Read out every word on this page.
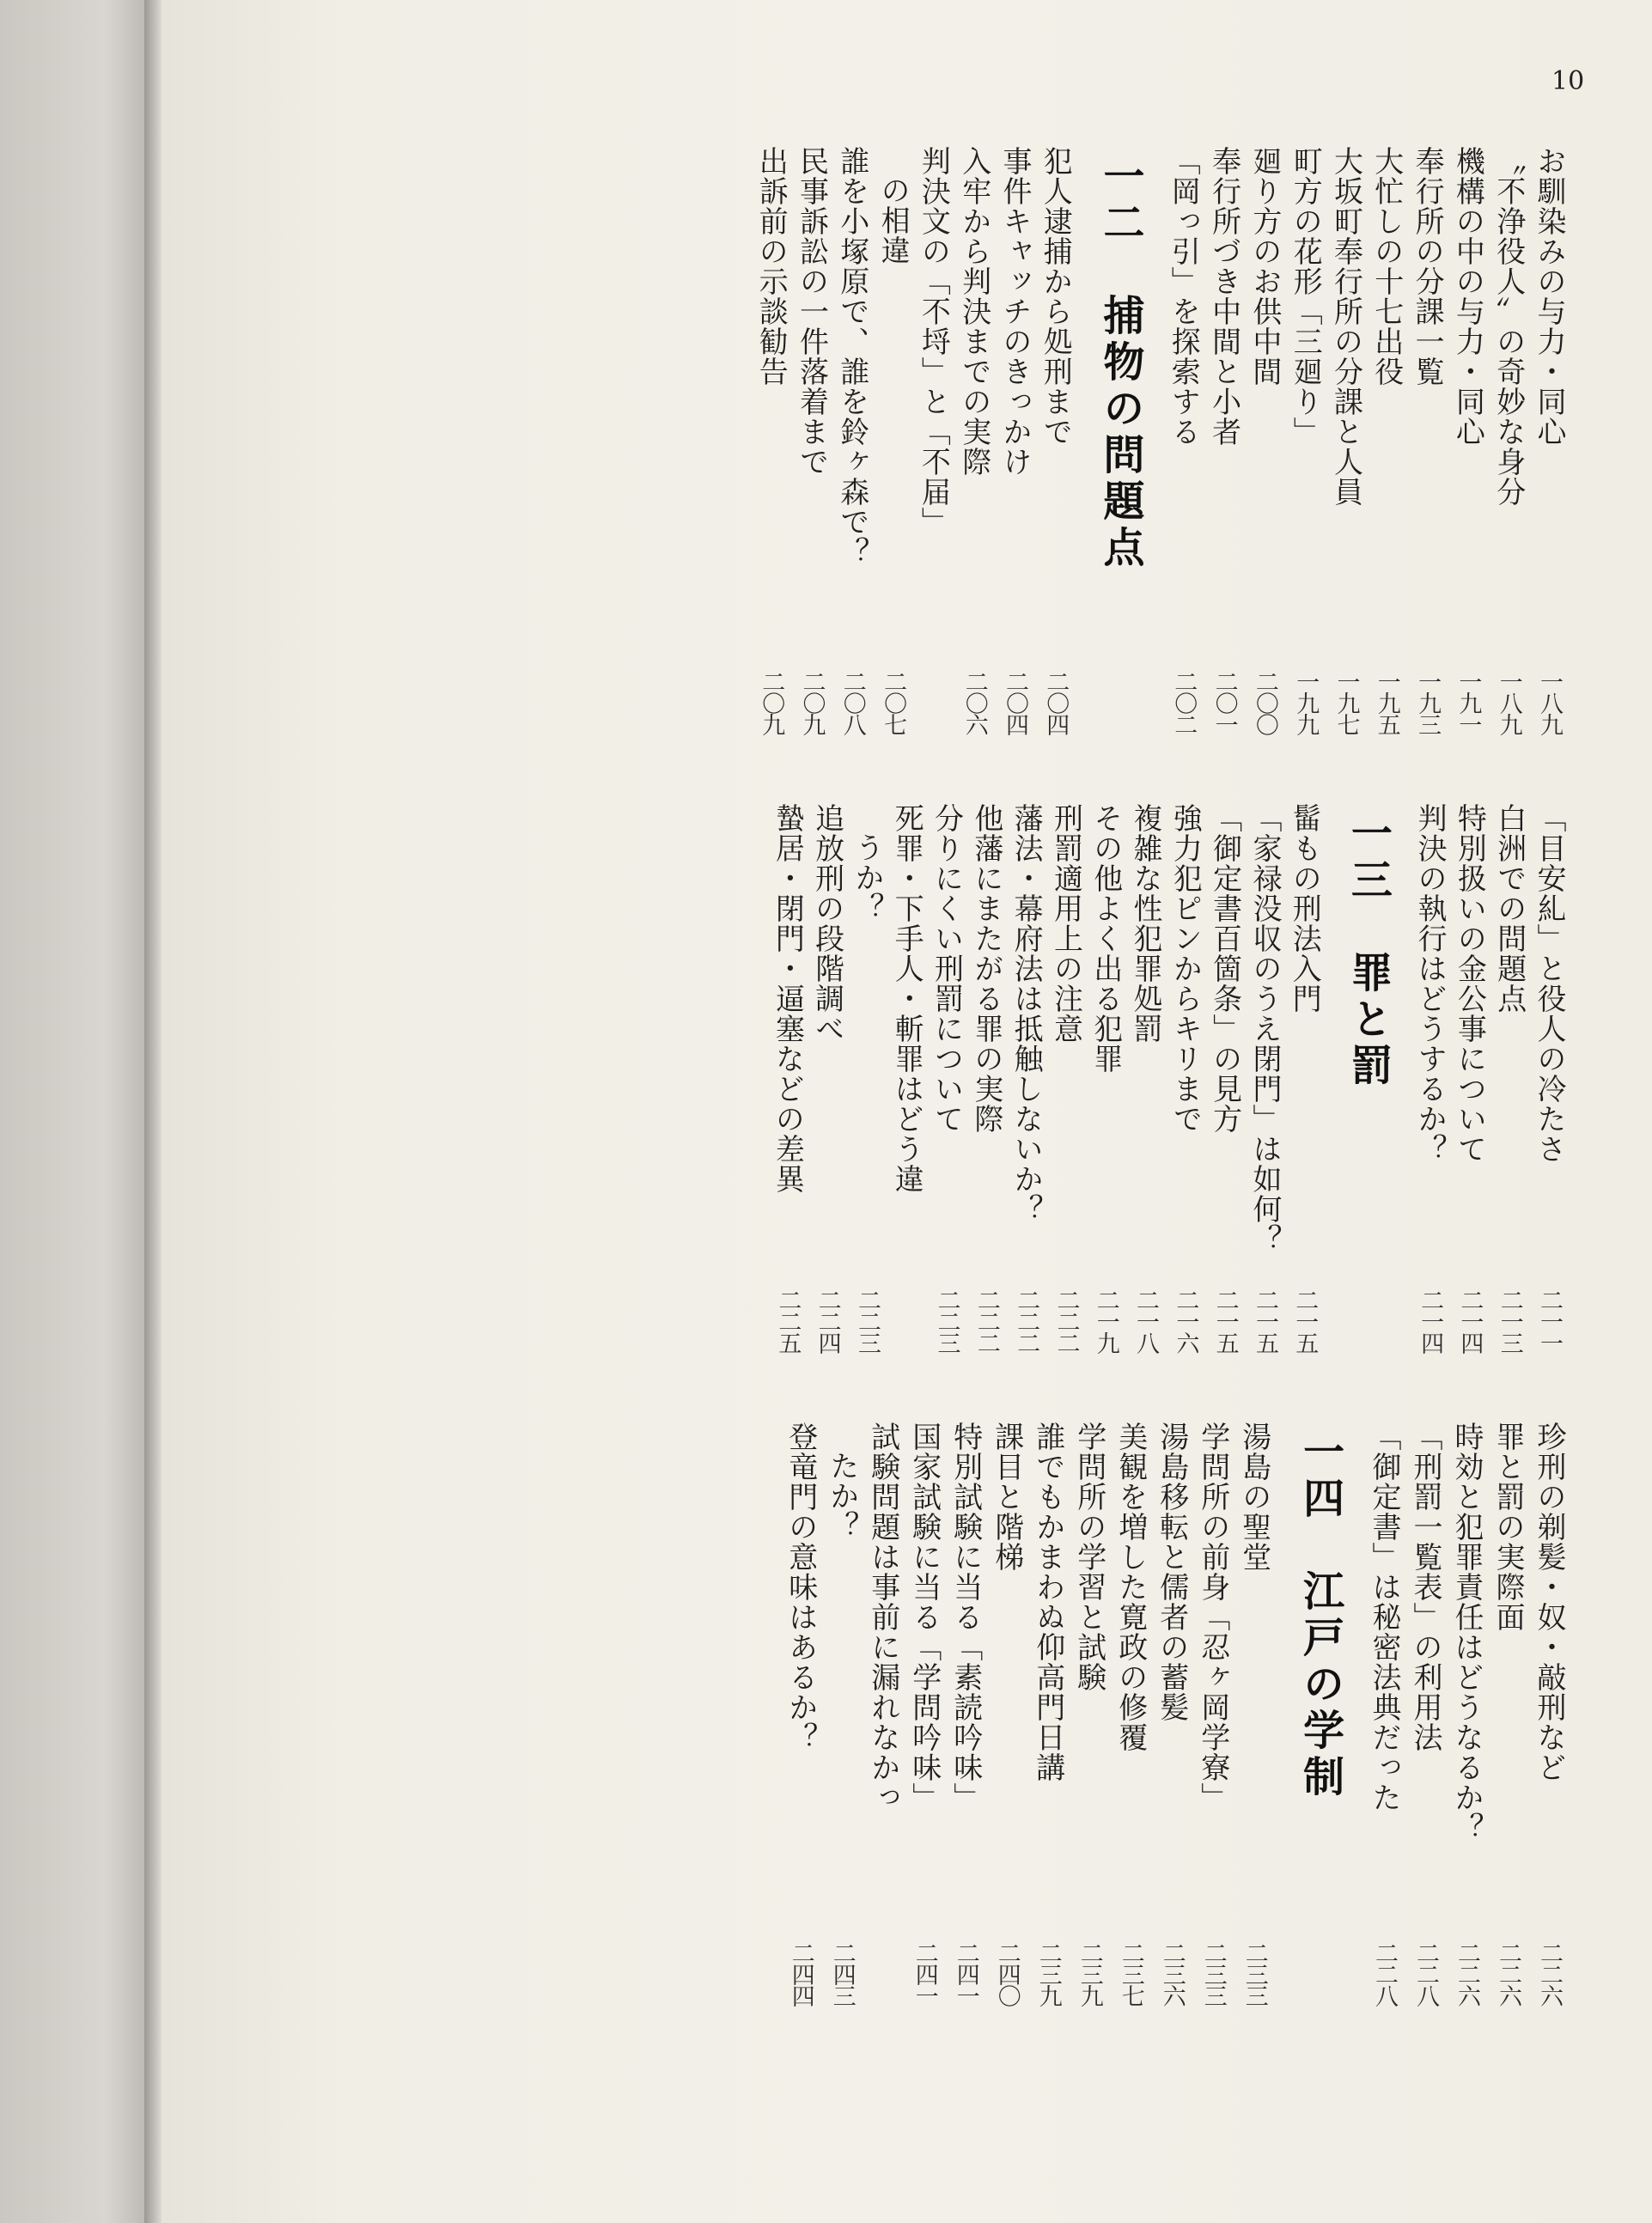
10

お馴染みの与力・同心

一八九

〝不浄役人〟の奇妙な身分

一八九

機構の中の与力・同心

一九一

奉行所の分課一覧

一九三

大忙しの十七出役

一九五

大坂町奉行所の分課と人員

一九七

町方の花形「三廻り」

一九九

廻り方のお供中間

二〇〇

奉行所づき中間と小者

二〇一

「岡っ引」を探索する

二〇二

一二　捕物の問題点

犯人逮捕から処刑まで

二〇四

事件キャッチのきっかけ

二〇四

入牢から判決までの実際

二〇六

判決文の「不埒」と「不届」

の相違

二〇七

誰を小塚原で、誰を鈴ヶ森で？

二〇八

民事訴訟の一件落着まで

二〇九

出訴前の示談勧告

二〇九

「目安糺」と役人の冷たさ

二一一

白洲での問題点

二一三

特別扱いの金公事について

二一四

判決の執行はどうするか？

二一四

一三　罪と罰

髷もの刑法入門

二一五

「家禄没収のうえ閉門」は如何？

二一五

「御定書百箇条」の見方

二一五

強力犯ピンからキリまで

二一六

複雑な性犯罪処罰

二一八

その他よく出る犯罪

二一九

刑罰適用上の注意

二二二

藩法・幕府法は抵触しないか？

二二二

他藩にまたがる罪の実際

二二二

分りにくい刑罰について

二二三

死罪・下手人・斬罪はどう違

うか？

二二三

追放刑の段階調べ

二二四

蟄居・閉門・逼塞などの差異

二二五

珍刑の剃髪・奴・敲刑など

二二六

罪と罰の実際面

二二六

時効と犯罪責任はどうなるか？

二二六

「刑罰一覧表」の利用法

二二八

「御定書」は秘密法典だった

二二八

一四　江戸の学制

湯島の聖堂

二三三

学問所の前身「忍ヶ岡学寮」

二三三

湯島移転と儒者の蓄髪

二三六

美観を増した寛政の修覆

二三七

学問所の学習と試験

二三九

誰でもかまわぬ仰高門日講

二三九

課目と階梯

二四〇

特別試験に当る「素読吟味」

二四一

国家試験に当る「学問吟味」

二四一

試験問題は事前に漏れなかっ

たか？

二四三

登竜門の意味はあるか？

二四四
